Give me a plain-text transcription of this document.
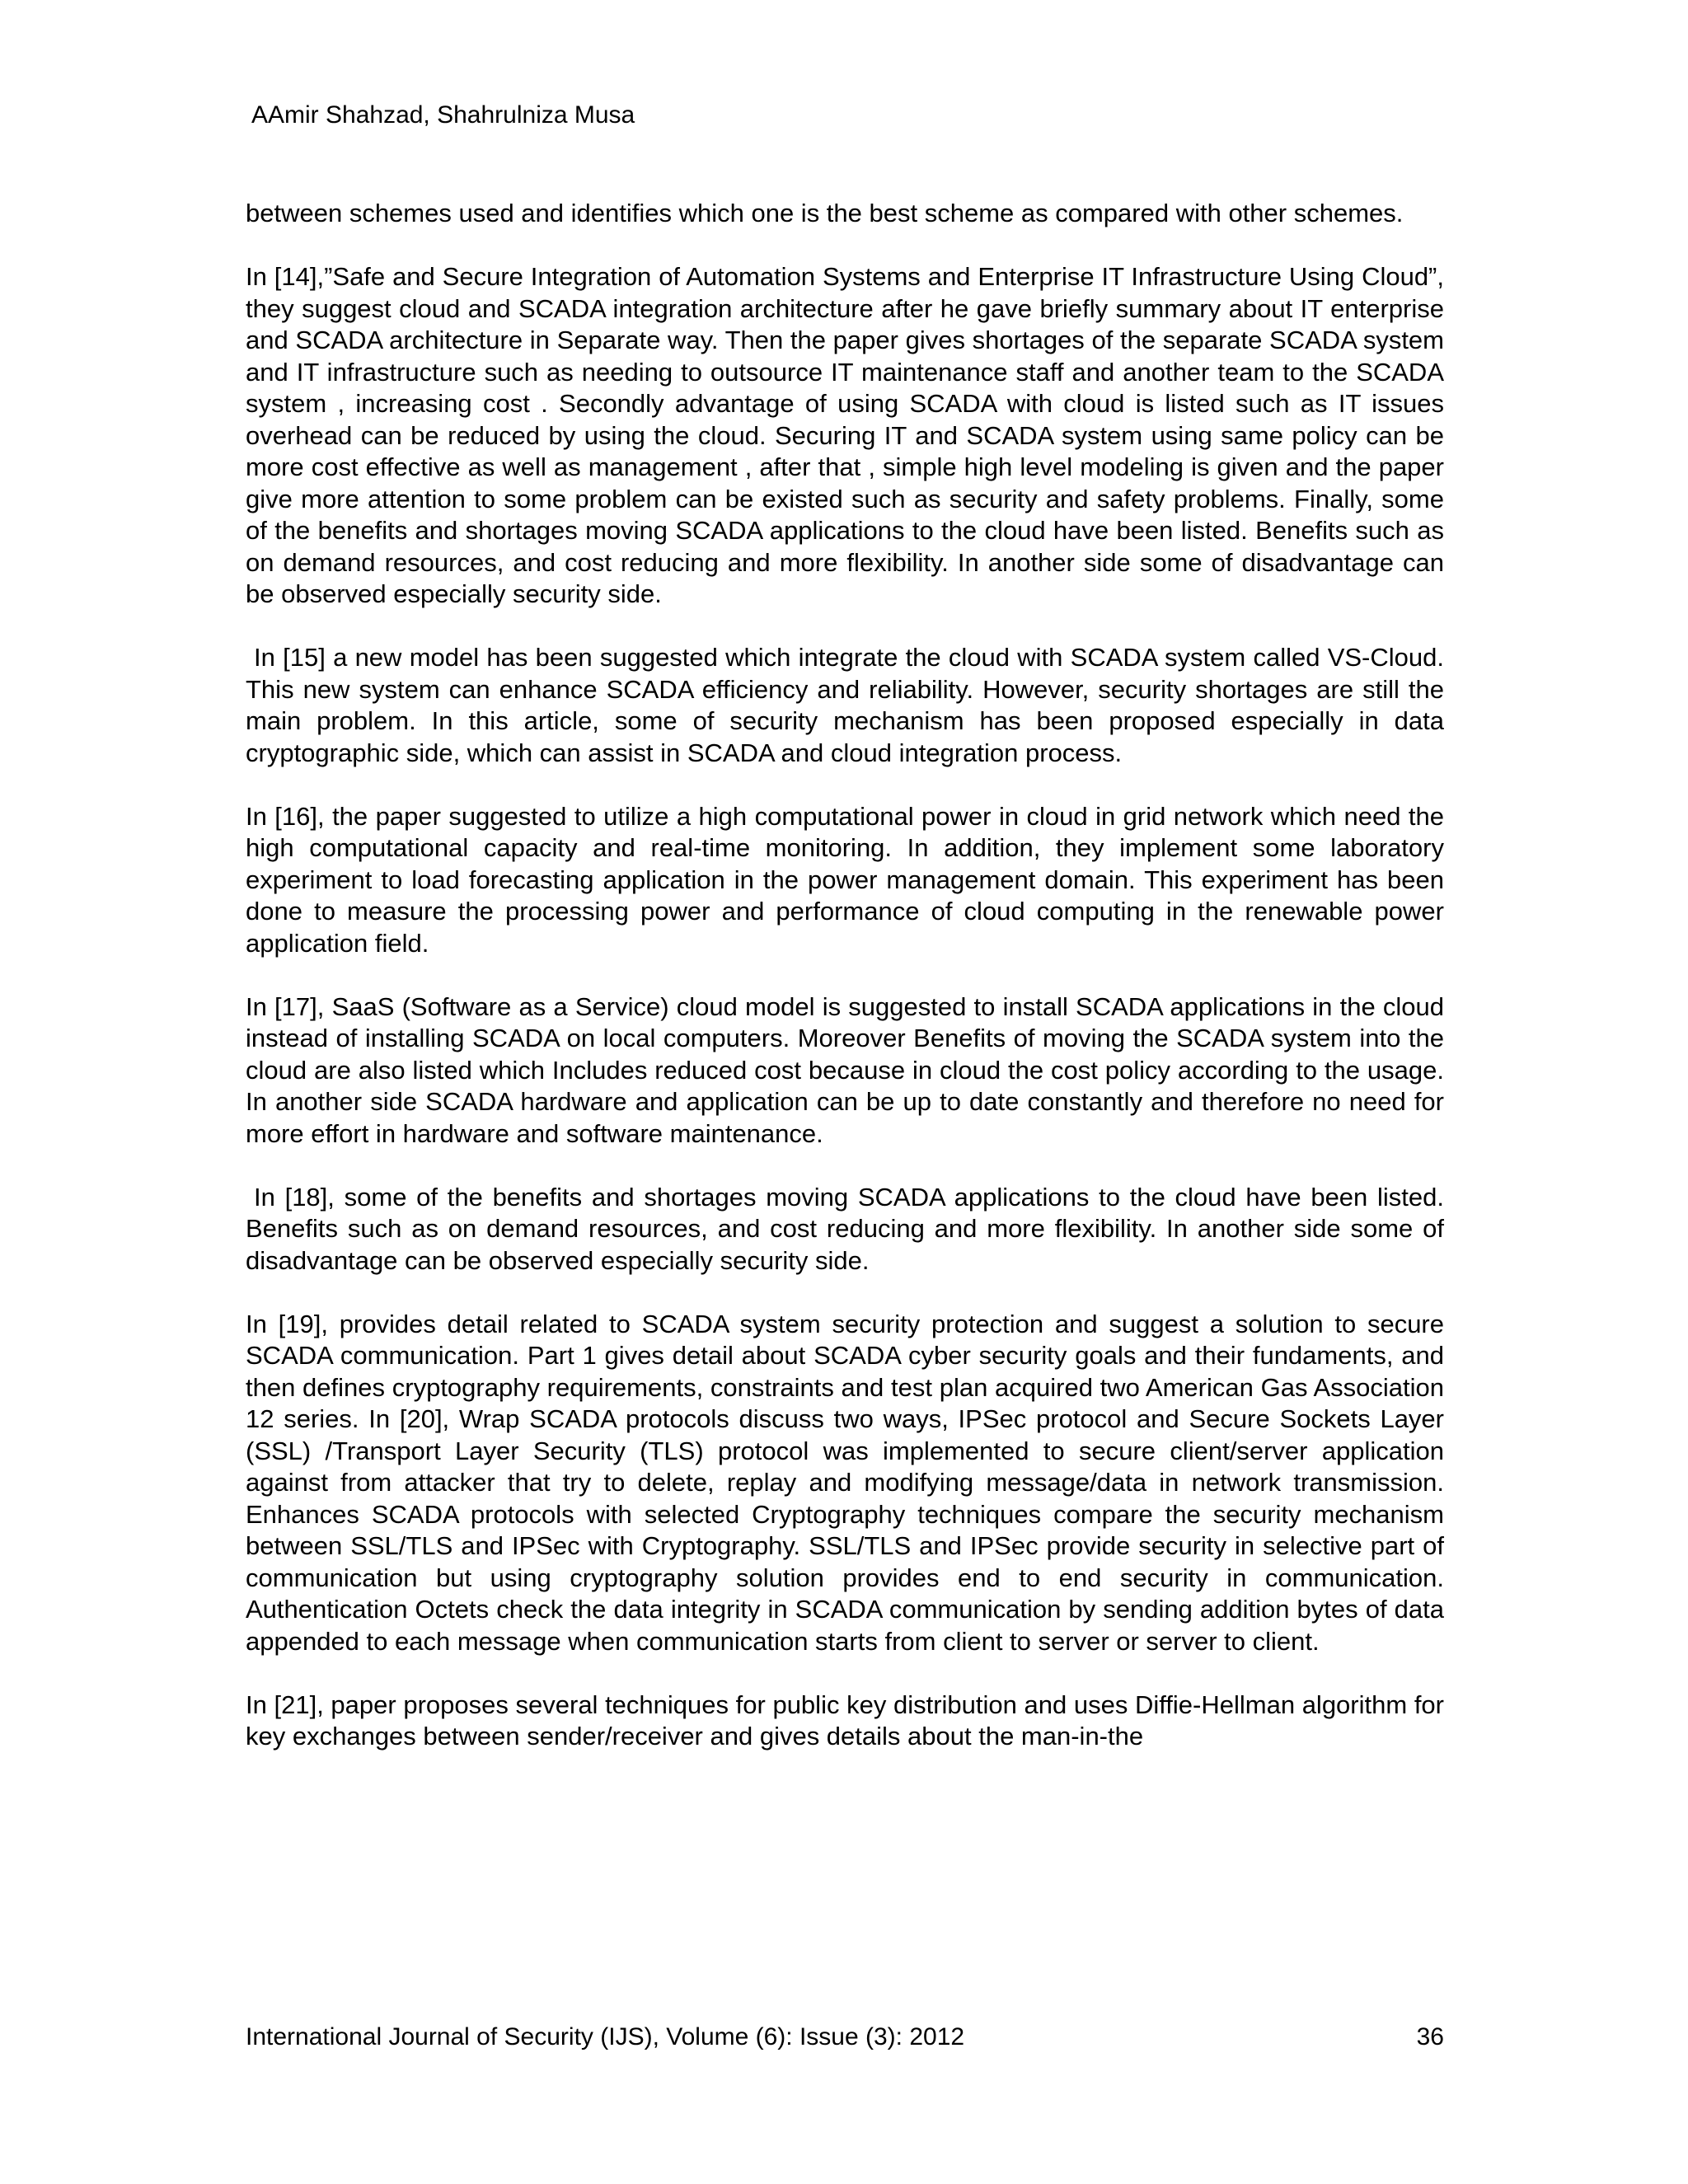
AAmir Shahzad, Shahrulniza Musa

between schemes used and identifies which one is the best scheme as compared with other schemes.

In [14],”Safe and Secure Integration of Automation Systems and Enterprise IT Infrastructure Using Cloud”, they suggest cloud and SCADA integration architecture after he gave briefly summary about IT enterprise and SCADA architecture in Separate way. Then the paper gives shortages of the separate SCADA system and IT infrastructure such as needing to outsource IT maintenance staff and another team to the SCADA system , increasing cost . Secondly advantage of using SCADA with cloud is listed such as IT issues overhead can be reduced by using the cloud. Securing IT and SCADA system using same policy can be more cost effective as well as management , after that , simple high level modeling is given and the paper give more attention to some problem can be existed such as security and safety problems. Finally, some of the benefits and shortages moving SCADA applications to the cloud have been listed. Benefits such as on demand resources, and cost reducing and more flexibility. In another side some of disadvantage can be observed especially security side.

In [15] a new model has been suggested which integrate the cloud with SCADA system called VS-Cloud. This new system can enhance SCADA efficiency and reliability. However, security shortages are still the main problem. In this article, some of security mechanism has been proposed especially in data cryptographic side, which can assist in SCADA and cloud integration process.

In [16], the paper suggested to utilize a high computational power in cloud in grid network which need the high computational capacity and real-time monitoring. In addition, they implement some laboratory experiment to load forecasting application in the power management domain. This experiment has been done to measure the processing power and performance of cloud computing in the renewable power application field.

In [17], SaaS (Software as a Service) cloud model is suggested to install SCADA applications in the cloud instead of installing SCADA on local computers. Moreover Benefits of moving the SCADA system into the cloud are also listed which Includes reduced cost because in cloud the cost policy according to the usage. In another side SCADA hardware and application can be up to date constantly and therefore no need for more effort in hardware and software maintenance.

In [18], some of the benefits and shortages moving SCADA applications to the cloud have been listed. Benefits such as on demand resources, and cost reducing and more flexibility. In another side some of disadvantage can be observed especially security side.

In [19], provides detail related to SCADA system security protection and suggest a solution to secure SCADA communication. Part 1 gives detail about SCADA cyber security goals and their fundaments, and then defines cryptography requirements, constraints and test plan acquired two American Gas Association 12 series. In [20], Wrap SCADA protocols discuss two ways, IPSec protocol and Secure Sockets Layer (SSL) /Transport Layer Security (TLS) protocol was implemented to secure client/server application against from attacker that try to delete, replay and modifying message/data in network transmission. Enhances SCADA protocols with selected Cryptography techniques compare the security mechanism between SSL/TLS and IPSec with Cryptography. SSL/TLS and IPSec provide security in selective part of communication but using cryptography solution provides end to end security in communication. Authentication Octets check the data integrity in SCADA communication by sending addition bytes of data appended to each message when communication starts from client to server or server to client.

In [21], paper proposes several techniques for public key distribution and uses Diffie-Hellman algorithm for key exchanges between sender/receiver and gives details about the man-in-the

International Journal of Security (IJS), Volume (6): Issue (3): 2012	36
